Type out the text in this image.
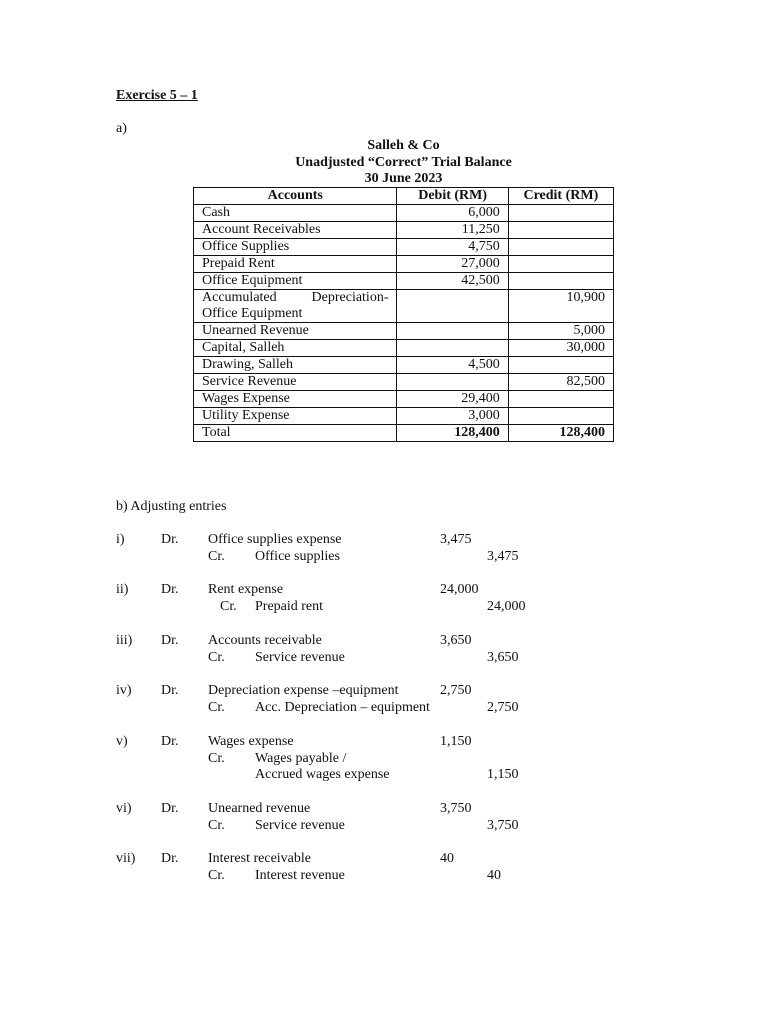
Exercise 5 – 1
a)
Salleh & Co
Unadjusted “Correct” Trial Balance
30 June 2023
Accounts	Debit (RM)	Credit (RM)
Cash	6,000	
Account Receivables	11,250	
Office Supplies	4,750	
Prepaid Rent	27,000	
Office Equipment	42,500	
Accumulated Depreciation-Office Equipment		10,900
Unearned Revenue		5,000
Capital, Salleh		30,000
Drawing, Salleh	4,500	
Service Revenue		82,500
Wages Expense	29,400	
Utility Expense	3,000	
Total	128,400	128,400
b) Adjusting entries
i)	Dr. Office supplies expense	3,475
Cr. Office supplies	3,475
ii) Dr. Rent expense	24,000
Cr. Prepaid rent	24,000
iii) Dr. Accounts receivable	3,650
Cr. Service revenue	3,650
iv) Dr. Depreciation expense –equipment	2,750
Cr. Acc. Depreciation – equipment	2,750
v) Dr. Wages expense	1,150
Cr. Wages payable /
Accrued wages expense	1,150
vi) Dr. Unearned revenue	3,750
Cr. Service revenue	3,750
vii) Dr. Interest receivable	40
Cr. Interest revenue	40
